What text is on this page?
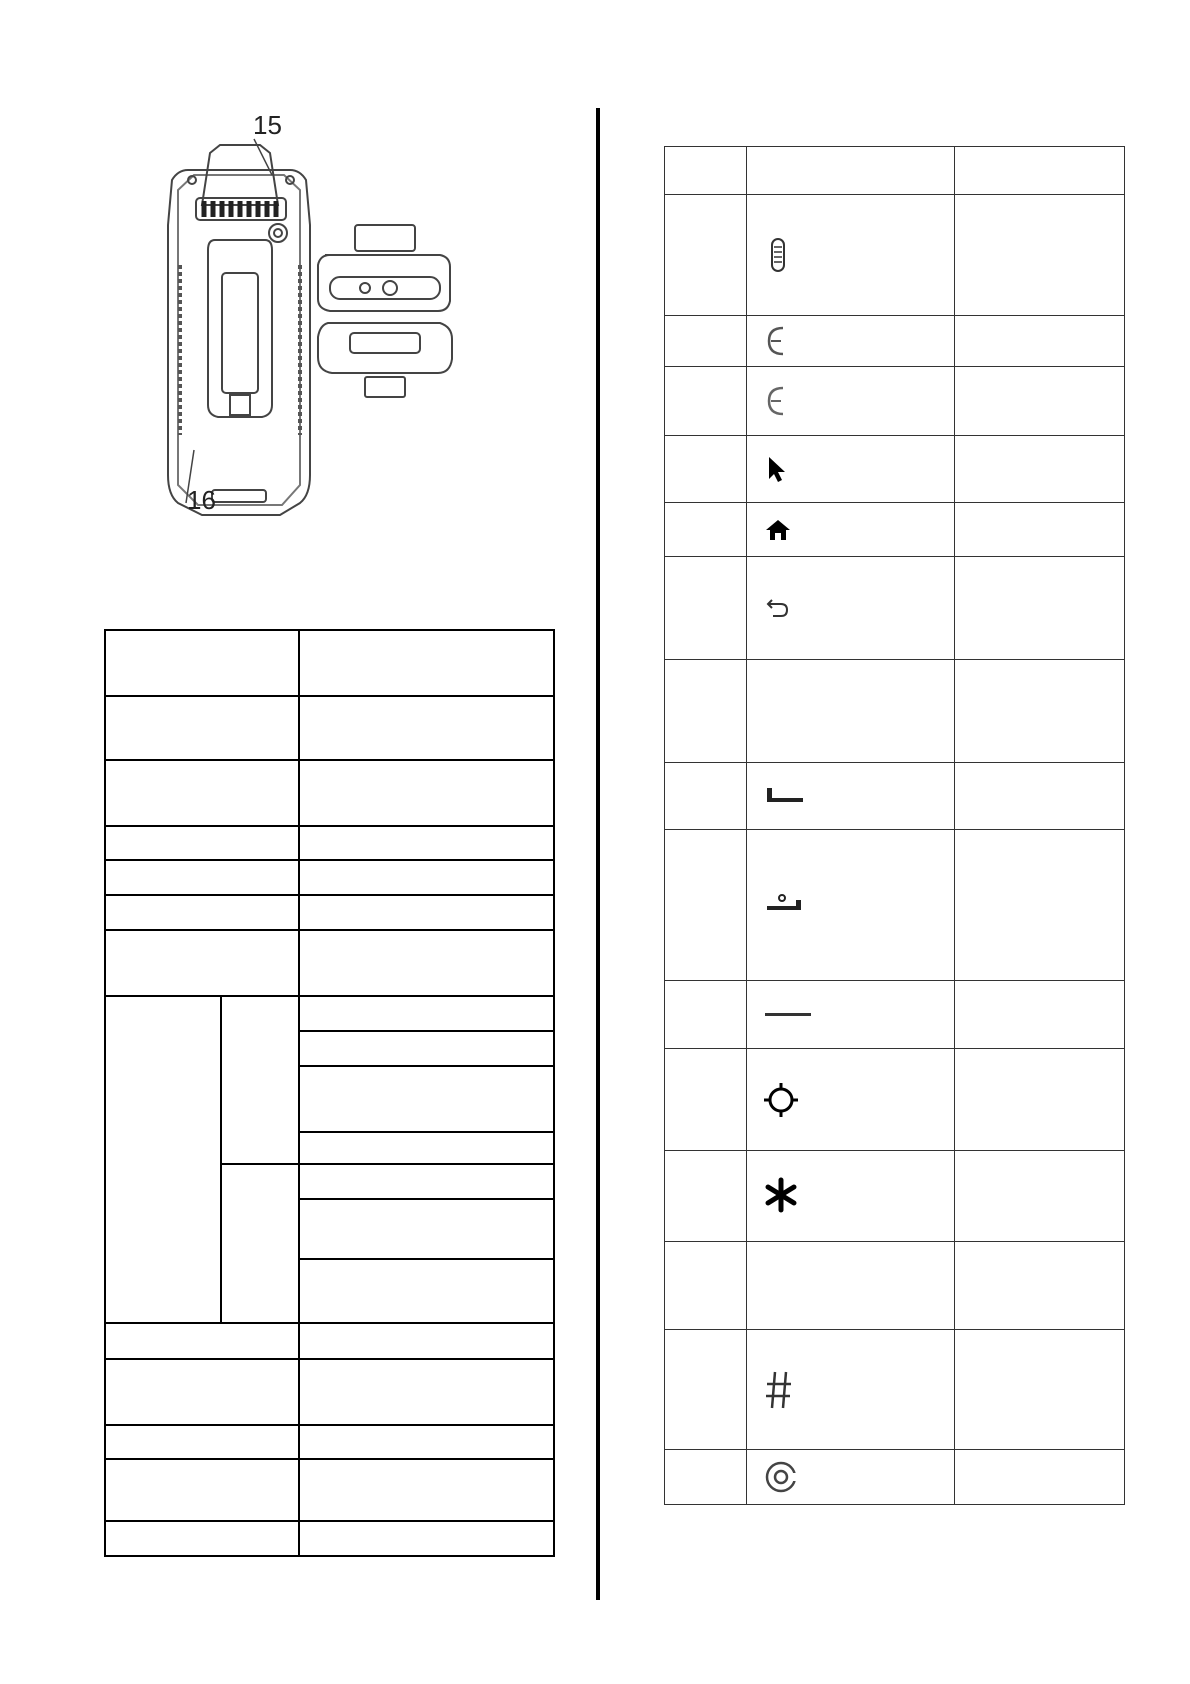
15
16
